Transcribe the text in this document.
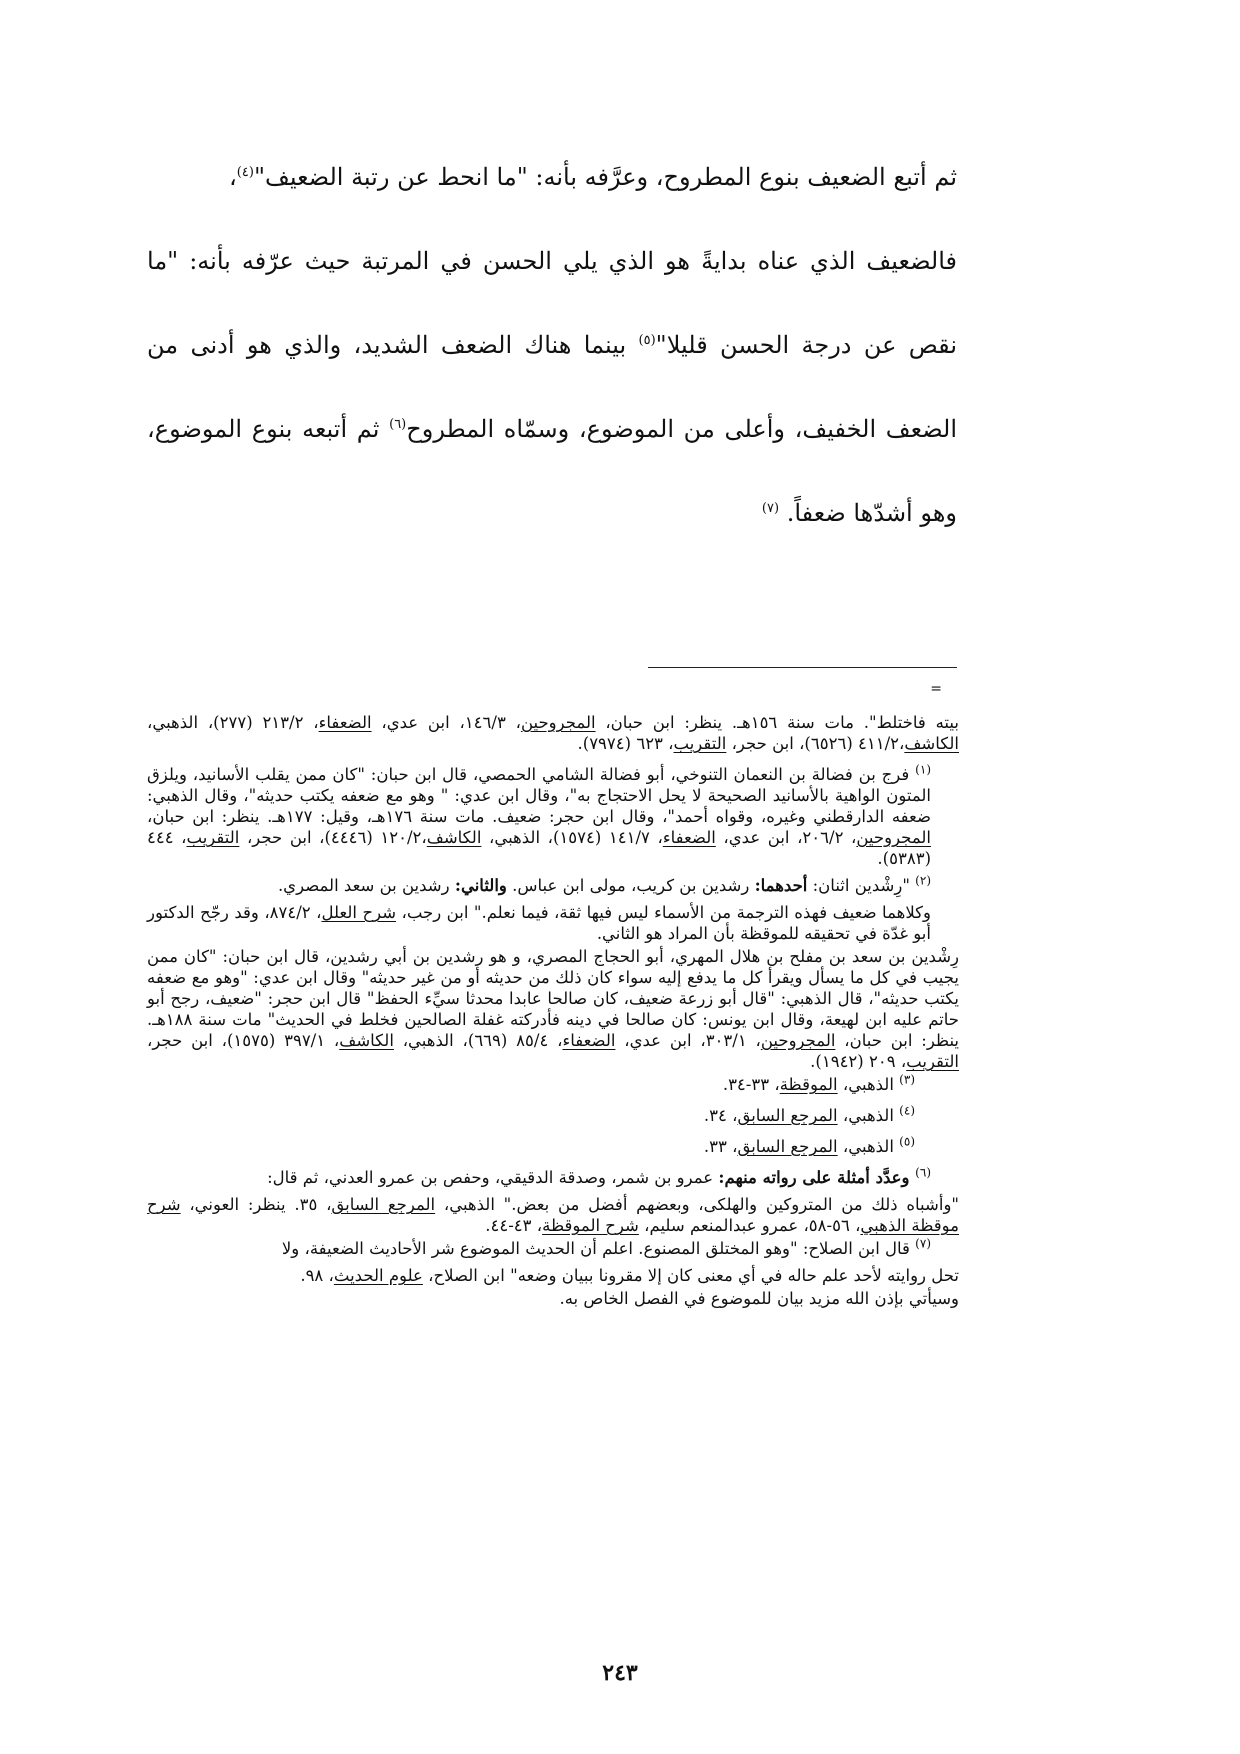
ثم أتبع الضعيف بنوع المطروح، وعرَّفه بأنه: "ما انحط عن رتبة الضعيف"$^{(٤)}$،

فالضعيف الذي عناه بدايةً هو الذي يلي الحسن في المرتبة حيث عرّفه بأنه: "ما نقص عن درجة الحسن قليلا"$^{(٥)}$ بينما هناك الضعف الشديد، والذي هو أدنى من الضعف الخفيف، وأعلى من الموضوع، وسمّاه المطروح$^{(٦)}$ ثم أتبعه بنوع الموضوع، وهو أشدّها ضعفاً. $^{(٧)}$

=

بيته فاختلط". مات سنة ١٥٦هـ. ينظر: ابن حبان، المجروحين، ١٤٦/٣، ابن عدي، الضعفاء، ٢١٣/٢ (٢٧٧)، الذهبي، الكاشف،٤١١/٢ (٦٥٢٦)، ابن حجر، التقريب، ٦٢٣ (٧٩٧٤).

$^{(١)}$ فرج بن فضالة بن النعمان التنوخي، أبو فضالة الشامي الحمصي، قال ابن حبان: "كان ممن يقلب الأسانيد، ويلزق المتون الواهية بالأسانيد الصحيحة لا يحل الاحتجاج به"، وقال ابن عدي: " وهو مع ضعفه يكتب حديثه"، وقال الذهبي: ضعفه الدارقطني وغيره، وقواه أحمد"، وقال ابن حجر: ضعيف. مات سنة ١٧٦هـ، وقيل: ١٧٧هـ. ينظر: ابن حبان، المجروحين، ٢٠٦/٢، ابن عدي، الضعفاء، ١٤١/٧ (١٥٧٤)، الذهبي، الكاشف،١٢٠/٢ (٤٤٤٦)، ابن حجر، التقريب، ٤٤٤ (٥٣٨٣).

$^{(٢)}$ "رِشْدين اثنان: أحدهما: رشدين بن كريب، مولى ابن عباس. والثاني: رشدين بن سعد المصري.

وكلاهما ضعيف فهذه الترجمة من الأسماء ليس فيها ثقة، فيما نعلم." ابن رجب، شرح العلل، ٨٧٤/٢، وقد رجّح الدكتور أبو غدّة في تحقيقه للموقظة بأن المراد هو الثاني.

رِشْدين بن سعد بن مفلح بن هلال المهري، أبو الحجاج المصري، و هو رشدين بن أبي رشدين، قال ابن حبان: "كان ممن يجيب في كل ما يسأل ويقرأ كل ما يدفع إليه سواء كان ذلك من حديثه أو من غير حديثه" وقال ابن عدي: "وهو مع ضعفه يكتب حديثه"، قال الذهبي: "قال أبو زرعة ضعيف، كان صالحا عابدا محدثا سيِّء الحفظ" قال ابن حجر: "ضعيف، رجح أبو حاتم عليه ابن لهيعة، وقال ابن يونس: كان صالحا في دينه فأدركته غفلة الصالحين فخلط في الحديث" مات سنة ١٨٨هـ. ينظر: ابن حبان، المجروحين، ٣٠٣/١، ابن عدي، الضعفاء، ٨٥/٤ (٦٦٩)، الذهبي، الكاشف، ٣٩٧/١ (١٥٧٥)، ابن حجر، التقريب، ٢٠٩ (١٩٤٢).

$^{(٣)}$ الذهبي، الموقظة، ٣٣-٣٤.

$^{(٤)}$ الذهبي، المرجع السابق، ٣٤.

$^{(٥)}$ الذهبي، المرجع السابق، ٣٣.

$^{(٦)}$ وعدَّد أمثلة على رواته منهم: عمرو بن شمر، وصدقة الدقيقي، وحفص بن عمرو العدني، ثم قال:

"وأشباه ذلك من المتروكين والهلكى، وبعضهم أفضل من بعض." الذهبي، المرجع السابق، ٣٥. ينظر: العوني، شرح موقظة الذهبي، ٥٦-٥٨، عمرو عبدالمنعم سليم، شرح الموقظة، ٤٣-٤٤.

$^{(٧)}$ قال ابن الصلاح: "وهو المختلق المصنوع. اعلم أن الحديث الموضوع شر الأحاديث الضعيفة، ولا

تحل روايته لأحد علم حاله في أي معنى كان إلا مقرونا ببيان وضعه" ابن الصلاح، علوم الحديث، ٩٨.

وسيأتي بإذن الله مزيد بيان للموضوع في الفصل الخاص به.

٢٤٣
